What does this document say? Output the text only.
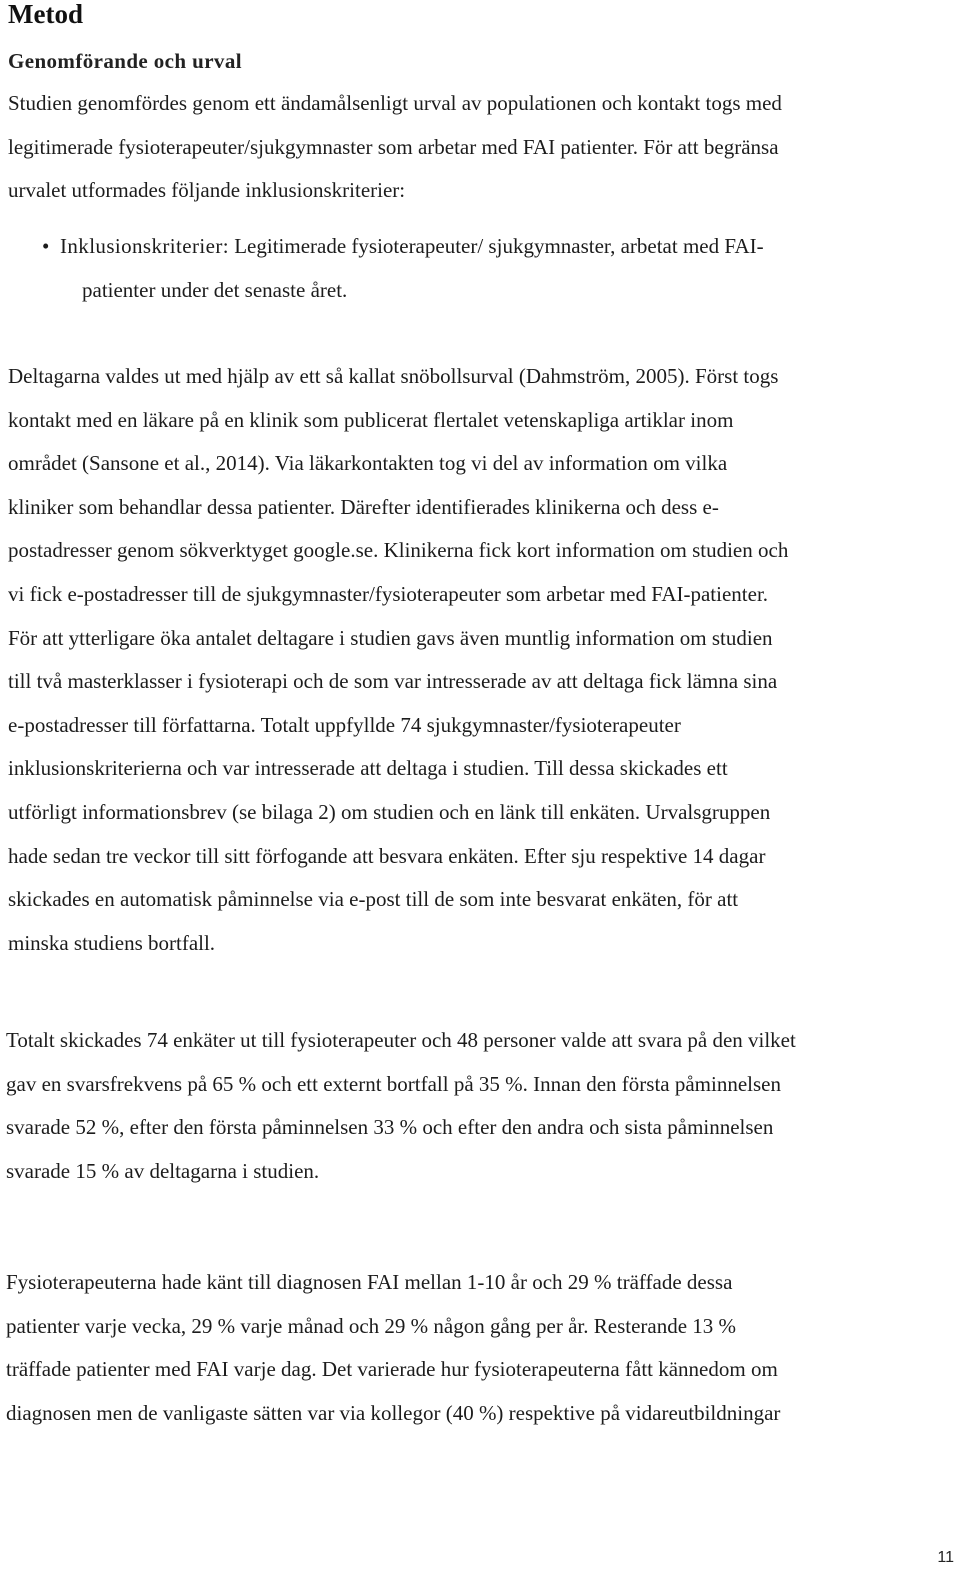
Metod
Genomförande och urval

Studien genomfördes genom ett ändamålsenligt urval av populationen och kontakt togs med
legitimerade fysioterapeuter/sjukgymnaster som arbetar med FAI patienter. För att begränsa
urvalet utformades följande inklusionskriterier:

• Inklusionskriterier: Legitimerade fysioterapeuter/ sjukgymnaster, arbetat med FAI-
patienter under det senaste året.

Deltagarna valdes ut med hjälp av ett så kallat snöbollsurval (Dahmström, 2005). Först togs
kontakt med en läkare på en klinik som publicerat flertalet vetenskapliga artiklar inom
området (Sansone et al., 2014). Via läkarkontakten tog vi del av information om vilka
kliniker som behandlar dessa patienter. Därefter identifierades klinikerna och dess e-
postadresser genom sökverktyget google.se. Klinikerna fick kort information om studien och
vi fick e-postadresser till de sjukgymnaster/fysioterapeuter som arbetar med FAI-patienter.
För att ytterligare öka antalet deltagare i studien gavs även muntlig information om studien
till två masterklasser i fysioterapi och de som var intresserade av att deltaga fick lämna sina
e-postadresser till författarna. Totalt uppfyllde 74 sjukgymnaster/fysioterapeuter
inklusionskriterierna och var intresserade att deltaga i studien. Till dessa skickades ett
utförligt informationsbrev (se bilaga 2) om studien och en länk till enkäten. Urvalsgruppen
hade sedan tre veckor till sitt förfogande att besvara enkäten. Efter sju respektive 14 dagar
skickades en automatisk påminnelse via e-post till de som inte besvarat enkäten, för att
minska studiens bortfall.

Totalt skickades 74 enkäter ut till fysioterapeuter och 48 personer valde att svara på den vilket
gav en svarsfrekvens på 65 % och ett externt bortfall på 35 %. Innan den första påminnelsen
svarade 52 %, efter den första påminnelsen 33 % och efter den andra och sista påminnelsen
svarade 15 % av deltagarna i studien.

Fysioterapeuterna hade känt till diagnosen FAI mellan 1-10 år och 29 % träffade dessa
patienter varje vecka, 29 % varje månad och 29 % någon gång per år. Resterande 13 %
träffade patienter med FAI varje dag. Det varierade hur fysioterapeuterna fått kännedom om
diagnosen men de vanligaste sätten var via kollegor (40 %) respektive på vidareutbildningar

11
